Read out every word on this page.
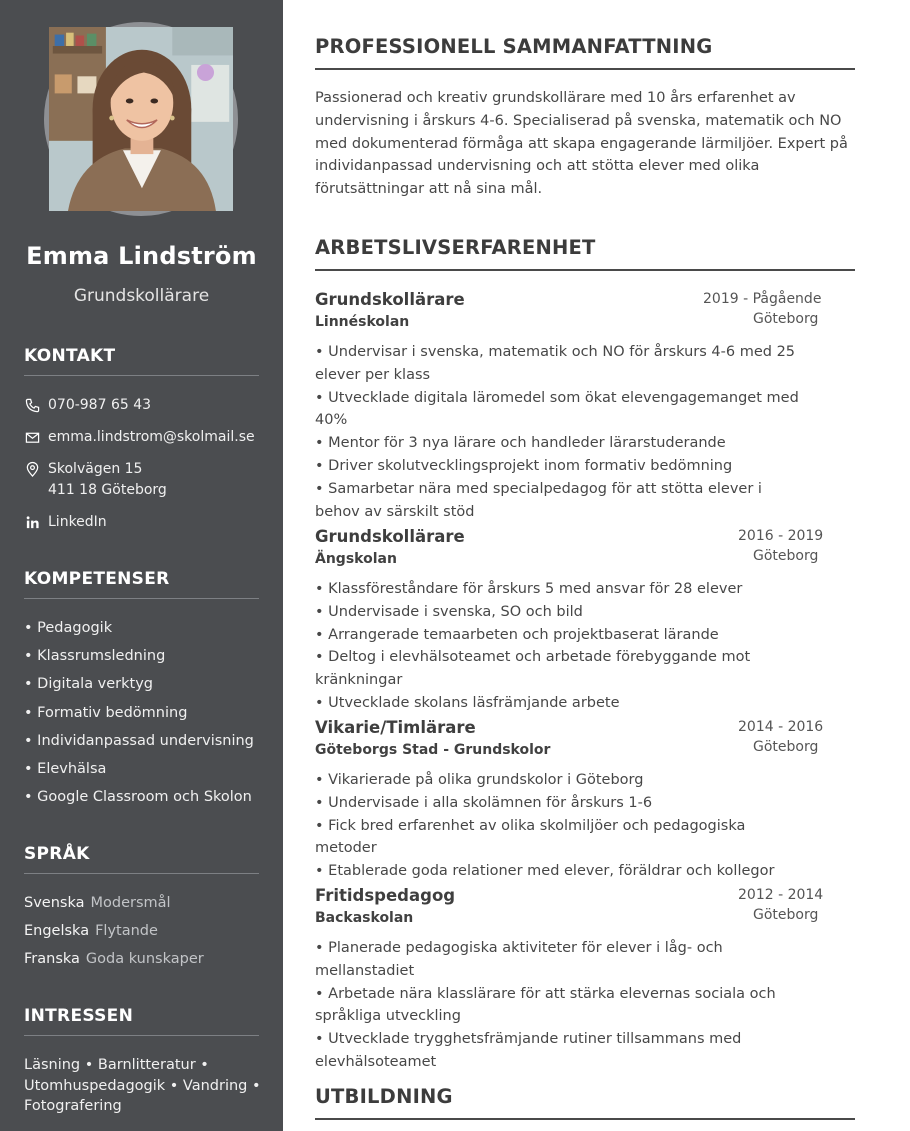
Emma Lindström
Grundskollärare
KONTAKT
070-987 65 43
emma.lindstrom@skolmail.se
Skolvägen 15
411 18 Göteborg
LinkedIn
KOMPETENSER
• Pedagogik
• Klassrumsledning
• Digitala verktyg
• Formativ bedömning
• Individanpassad undervisning
• Elevhälsa
• Google Classroom och Skolon
SPRÅK
Svenska Modersmål
Engelska Flytande
Franska Goda kunskaper
INTRESSEN
Läsning • Barnlitteratur • Utomhuspedagogik • Vandring • Fotografering
PROFESSIONELL SAMMANFATTNING
Passionerad och kreativ grundskollärare med 10 års erfarenhet av
undervisning i årskurs 4-6. Specialiserad på svenska, matematik och NO
med dokumenterad förmåga att skapa engagerande lärmiljöer. Expert på
individanpassad undervisning och att stötta elever med olika
förutsättningar att nå sina mål.
ARBETSLIVSERFARENHET
Grundskollärare
Linnéskolan
2019 - Pågående
Göteborg
• Undervisar i svenska, matematik och NO för årskurs 4-6 med 25 elever per klass
• Utvecklade digitala läromedel som ökat elevengagemanget med 40%
• Mentor för 3 nya lärare och handleder lärarstuderande
• Driver skolutvecklingsprojekt inom formativ bedömning
• Samarbetar nära med specialpedagog för att stötta elever i behov av särskilt stöd
Grundskollärare
Ängskolan
2016 - 2019
Göteborg
• Klassföreståndare för årskurs 5 med ansvar för 28 elever
• Undervisade i svenska, SO och bild
• Arrangerade temaarbeten och projektbaserat lärande
• Deltog i elevhälsoteamet och arbetade förebyggande mot kränkningar
• Utvecklade skolans läsfrämjande arbete
Vikarie/Timlärare
Göteborgs Stad - Grundskolor
2014 - 2016
Göteborg
• Vikarierade på olika grundskolor i Göteborg
• Undervisade i alla skolämnen för årskurs 1-6
• Fick bred erfarenhet av olika skolmiljöer och pedagogiska metoder
• Etablerade goda relationer med elever, föräldrar och kollegor
Fritidspedagog
Backaskolan
2012 - 2014
Göteborg
• Planerade pedagogiska aktiviteter för elever i låg- och mellanstadiet
• Arbetade nära klasslärare för att stärka elevernas sociala och språkliga utveckling
• Utvecklade trygghetsfrämjande rutiner tillsammans med elevhälsoteamet
UTBILDNING
